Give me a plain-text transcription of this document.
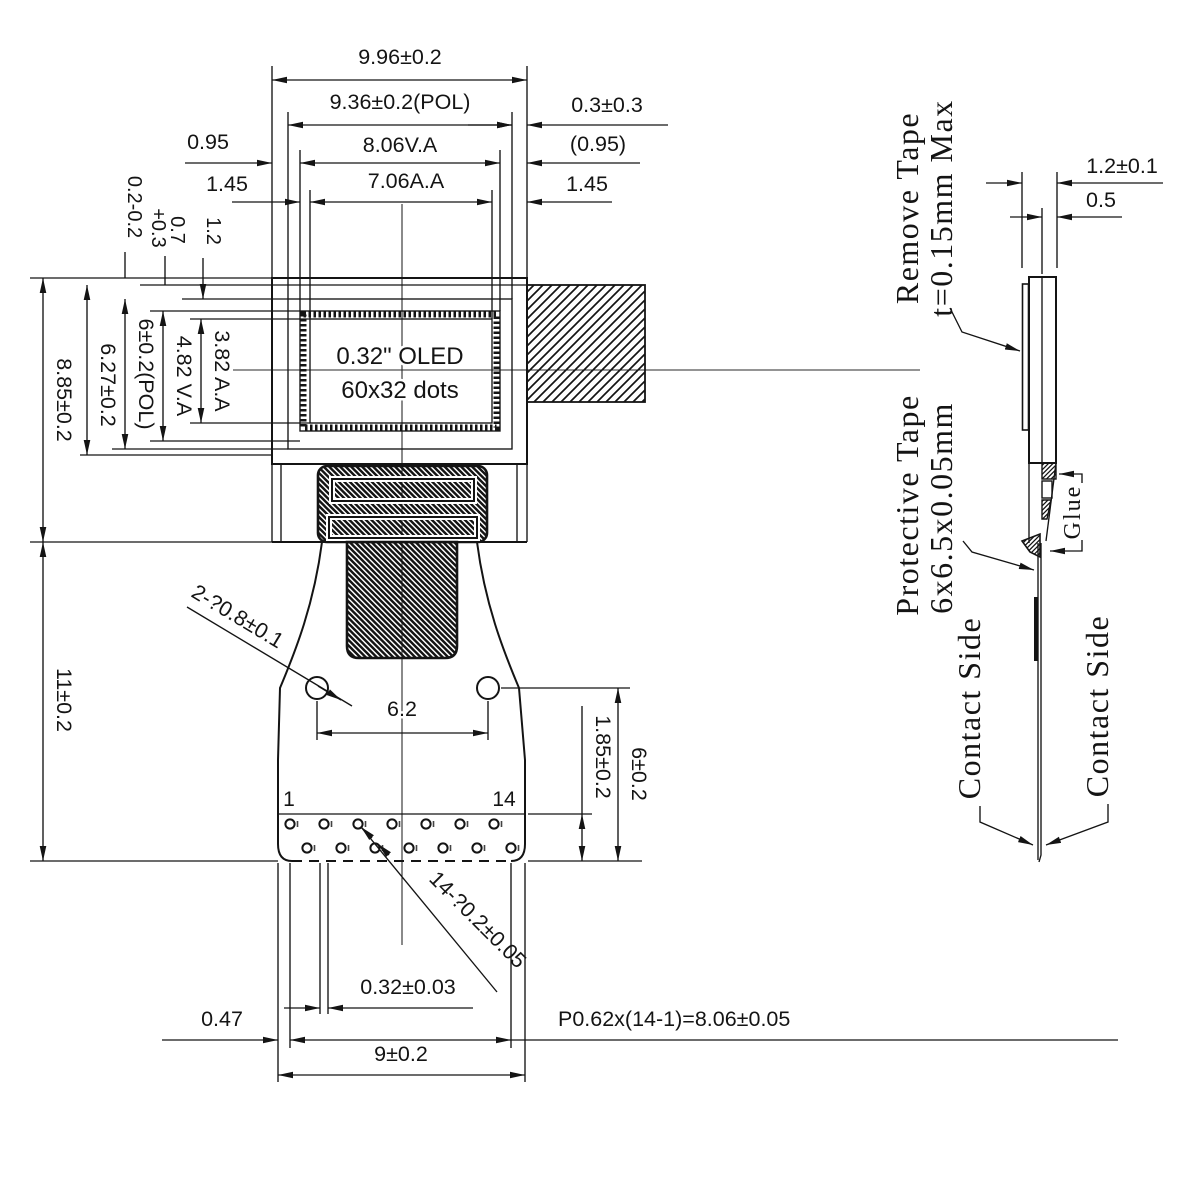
0.32" OLED
60x32 dots
1	14
9.96±0.2
9.36±0.2(POL)	0.3±0.3
0.95	8.06V.A	(0.95)
1.45	7.06A.A	1.45
0.2-0.2 +0.3
0.7 1.2
8.85±0.2 6.27±0.2 6±0.2(POL) 4.82 V.A 3.82 A.A
11±0.2
2-?0.8±0.1
6.2
1.85±0.2 6±0.2
14-?0.2±0.05
0.32±0.03
0.47	P0.62x(14-1)=8.06±0.05
9±0.2
1.2±0.1
0.5
Remove Tape
t=0.15mm Max
Protective Tape
6x6.5x0.05mm	Glue
Contact Side	Contact Side
